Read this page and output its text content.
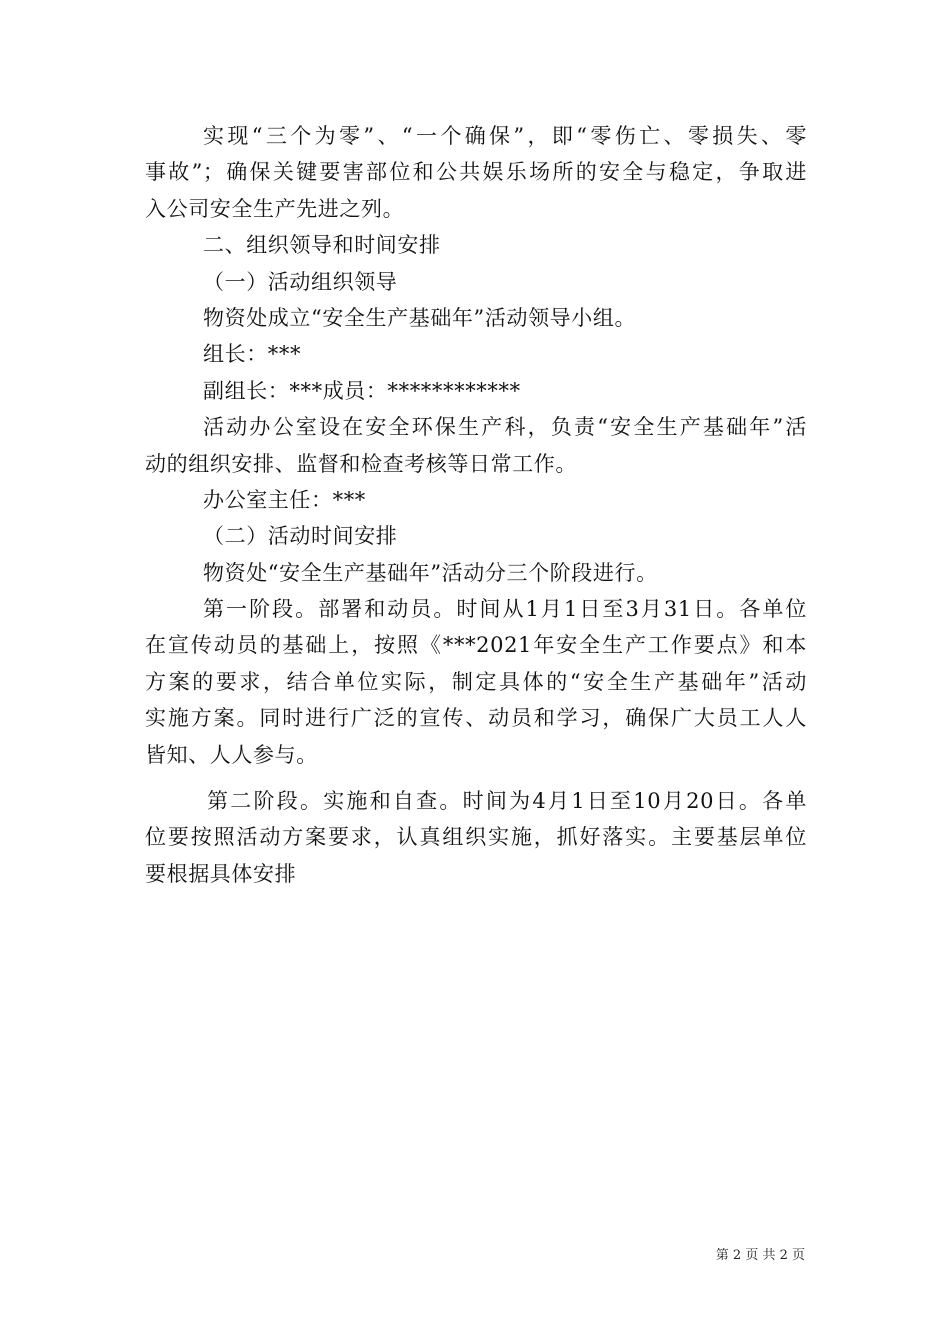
实现“三个为零”、“一个确保”，即“零伤亡、零损失、零
事故”；确保关键要害部位和公共娱乐场所的安全与稳定，争取进
入公司安全生产先进之列。
二、组织领导和时间安排
（一）活动组织领导
物资处成立“安全生产基础年”活动领导小组。
组长：***
副组长：***成员：************
活动办公室设在安全环保生产科，负责“安全生产基础年”活
动的组织安排、监督和检查考核等日常工作。
办公室主任：***
（二）活动时间安排
物资处“安全生产基础年”活动分三个阶段进行。
第一阶段。部署和动员。时间从1月1日至3月31日。各单位
在宣传动员的基础上，按照《***2021年安全生产工作要点》和本
方案的要求，结合单位实际，制定具体的“安全生产基础年”活动
实施方案。同时进行广泛的宣传、动员和学习，确保广大员工人人
皆知、人人参与。
第二阶段。实施和自查。时间为4月1日至10月20日。各单
位要按照活动方案要求，认真组织实施，抓好落实。主要基层单位
要根据具体安排
第 2 页 共 2 页
